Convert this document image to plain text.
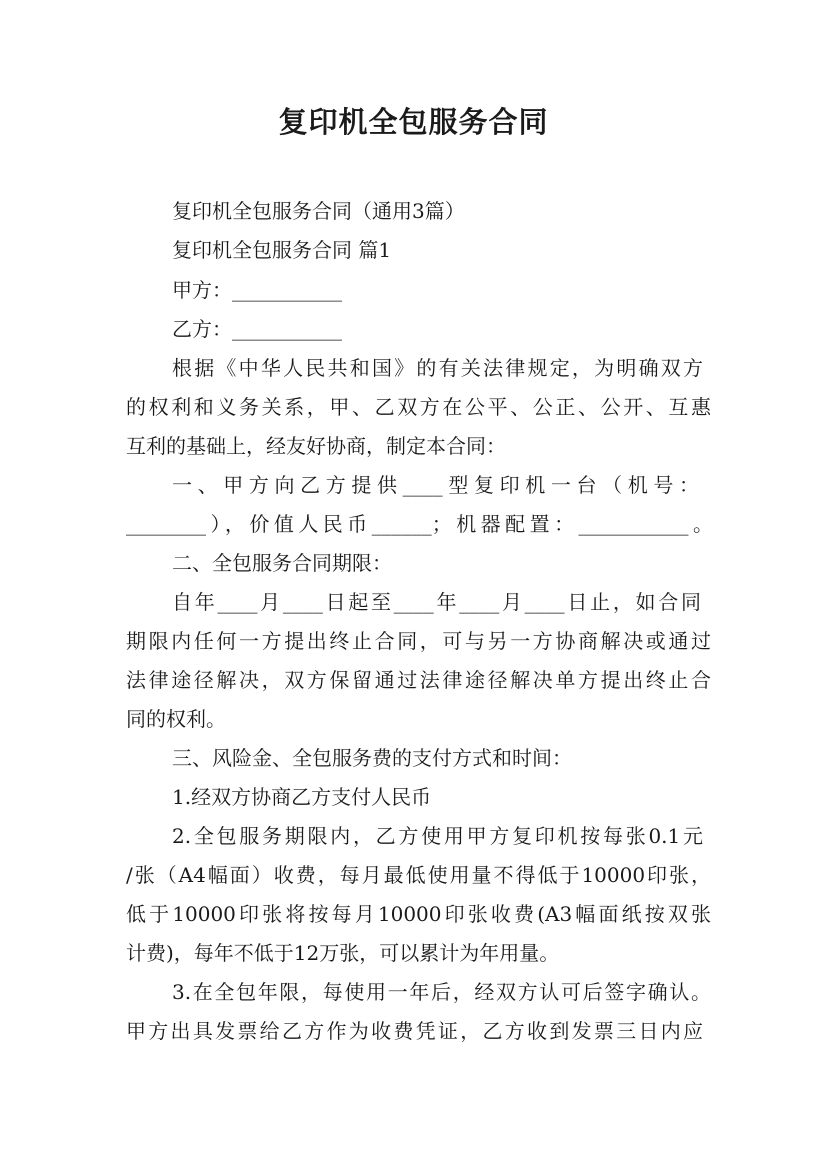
复印机全包服务合同
复印机全包服务合同（通用3篇）
复印机全包服务合同 篇1
甲方：___________
乙方：___________
根据《中华人民共和国》的有关法律规定，为明确双方
的权利和义务关系，甲、乙双方在公平、公正、公开、互惠
互利的基础上，经友好协商，制定本合同：
一、甲方向乙方提供____型复印机一台（机号：
________），价值人民币______；机器配置：___________。
二、全包服务合同期限：
自年____月____日起至____年____月____日止，如合同
期限内任何一方提出终止合同，可与另一方协商解决或通过
法律途径解决，双方保留通过法律途径解决单方提出终止合
同的权利。
三、风险金、全包服务费的支付方式和时间：
1.经双方协商乙方支付人民币
2.全包服务期限内，乙方使用甲方复印机按每张0.1元
/张（A4幅面）收费，每月最低使用量不得低于10000印张，
低于10000印张将按每月10000印张收费(A3幅面纸按双张
计费)，每年不低于12万张，可以累计为年用量。
3.在全包年限，每使用一年后，经双方认可后签字确认。
甲方出具发票给乙方作为收费凭证，乙方收到发票三日内应
